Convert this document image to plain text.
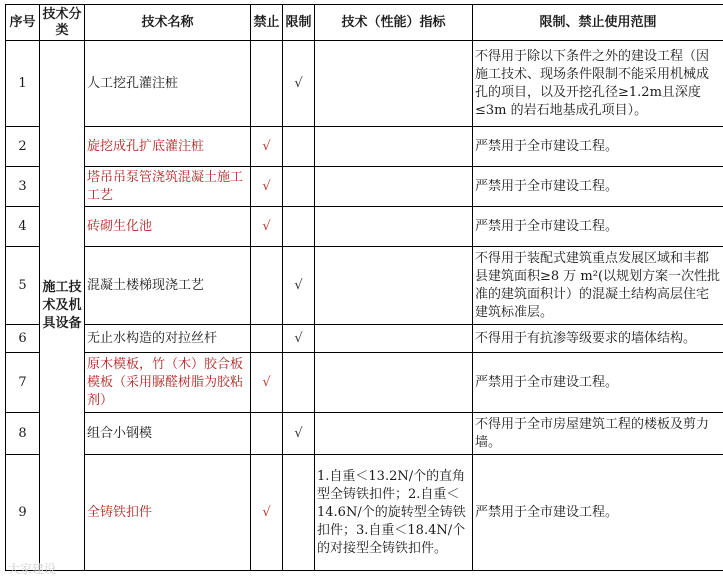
序号	技术分类	技术名称	禁止	限制	技术（性能）指标	限制、禁止使用范围
1	施工技术及机具设备	人工挖孔灌注桩		√		不得用于除以下条件之外的建设工程（因施工技术、现场条件限制不能采用机械成孔的项目，以及开挖孔径≥1.2m且深度≤3m 的岩石地基成孔项目）。
2		旋挖成孔扩底灌注桩	√			严禁用于全市建设工程。
3		塔吊吊泵管浇筑混凝土施工工艺	√			严禁用于全市建设工程。
4		砖砌生化池	√			严禁用于全市建设工程。
5		混凝土楼梯现浇工艺		√		不得用于装配式建筑重点发展区域和丰都县建筑面积≥8 万 m²(以规划方案一次性批准的建筑面积计）的混凝土结构高层住宅建筑标准层。
6		无止水构造的对拉丝杆		√		不得用于有抗渗等级要求的墙体结构。
7		原木模板，竹（木）胶合板模板（采用脲醛树脂为胶粘剂）	√			严禁用于全市建设工程。
8		组合小钢模		√		不得用于全市房屋建筑工程的楼板及剪力墙。
9		全铸铁扣件	√		1.自重＜13.2N/个的直角型全铸铁扣件；2.自重＜14.6N/个的旋转型全铸铁扣件；3.自重＜18.4N/个的对接型全铸铁扣件。	严禁用于全市建设工程。
大家建设
